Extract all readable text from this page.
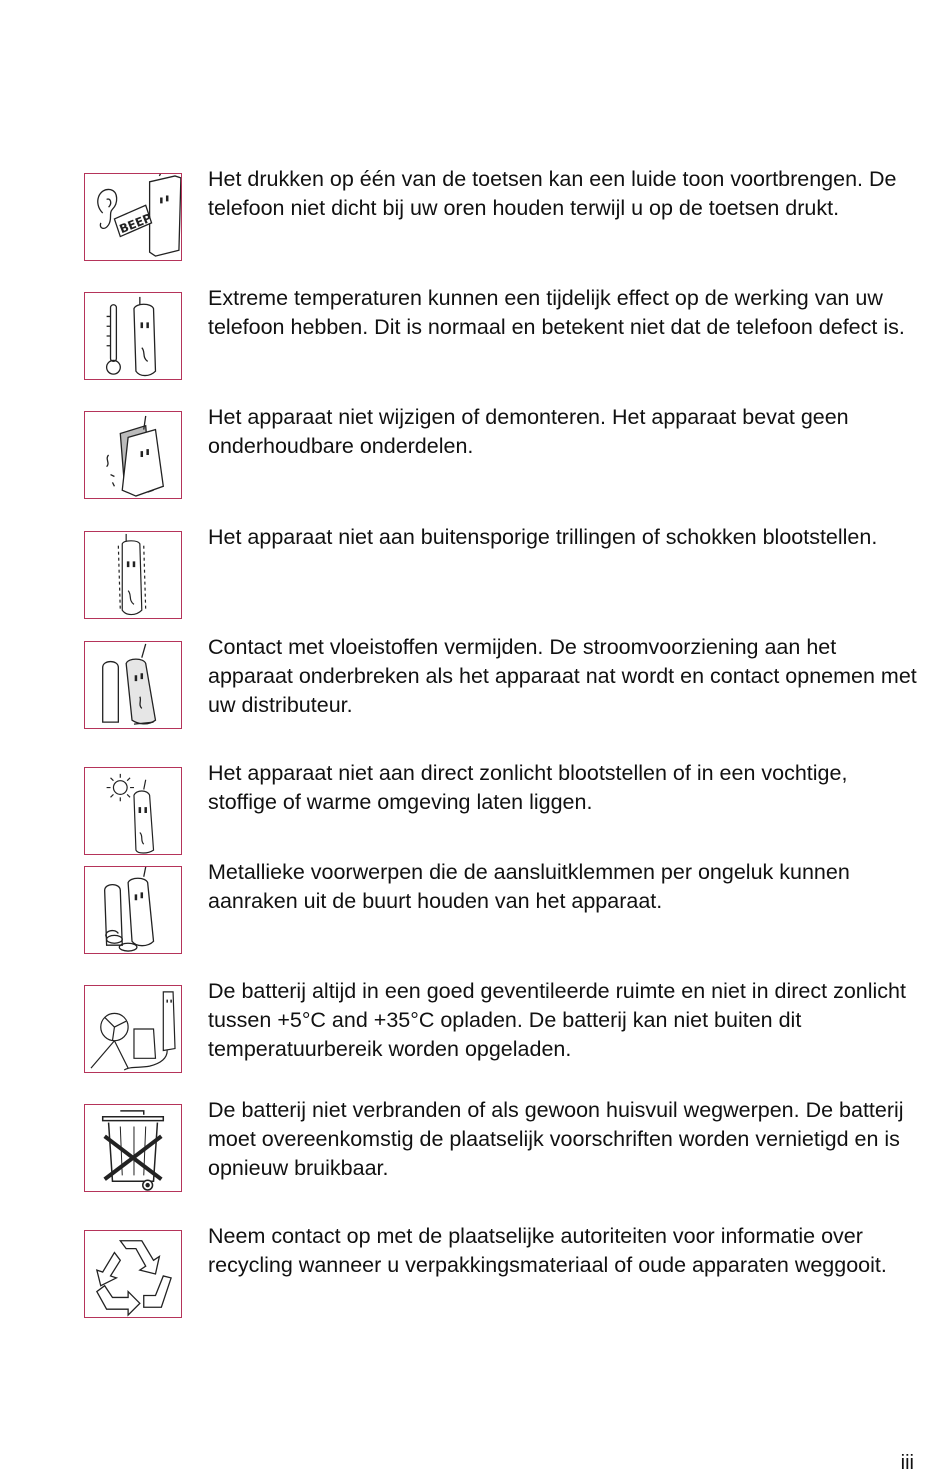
BEEP
Het drukken op één van de toetsen kan een luide toon voortbrengen. De telefoon niet dicht bij uw oren houden terwijl u op de toetsen drukt.
Extreme temperaturen kunnen een tijdelijk effect op de werking van uw telefoon hebben. Dit is normaal en betekent niet dat de telefoon defect is.
Het apparaat niet wijzigen of demonteren. Het apparaat bevat geen onderhoudbare onderdelen.
Het apparaat niet aan buitensporige trillingen of schokken blootstellen.
Contact met vloeistoffen vermijden. De stroomvoorziening aan het apparaat onderbreken als het apparaat nat wordt en contact opnemen met uw distributeur.
Het apparaat niet aan direct zonlicht blootstellen of in een vochtige, stoffige of warme omgeving laten liggen.
Metallieke voorwerpen die de aansluitklemmen per ongeluk kunnen aanraken uit de buurt houden van het apparaat.
De batterij altijd in een goed geventileerde ruimte en niet in direct zonlicht tussen +5°C and +35°C opladen. De batterij kan niet buiten dit temperatuurbereik worden opgeladen.
De batterij niet verbranden of als gewoon huisvuil wegwerpen. De batterij moet overeenkomstig de plaatselijk voorschriften worden vernietigd en is opnieuw bruikbaar.
Neem contact op met de plaatselijke autoriteiten voor informatie over recycling wanneer u verpakkingsmateriaal of oude apparaten weggooit.
iii
